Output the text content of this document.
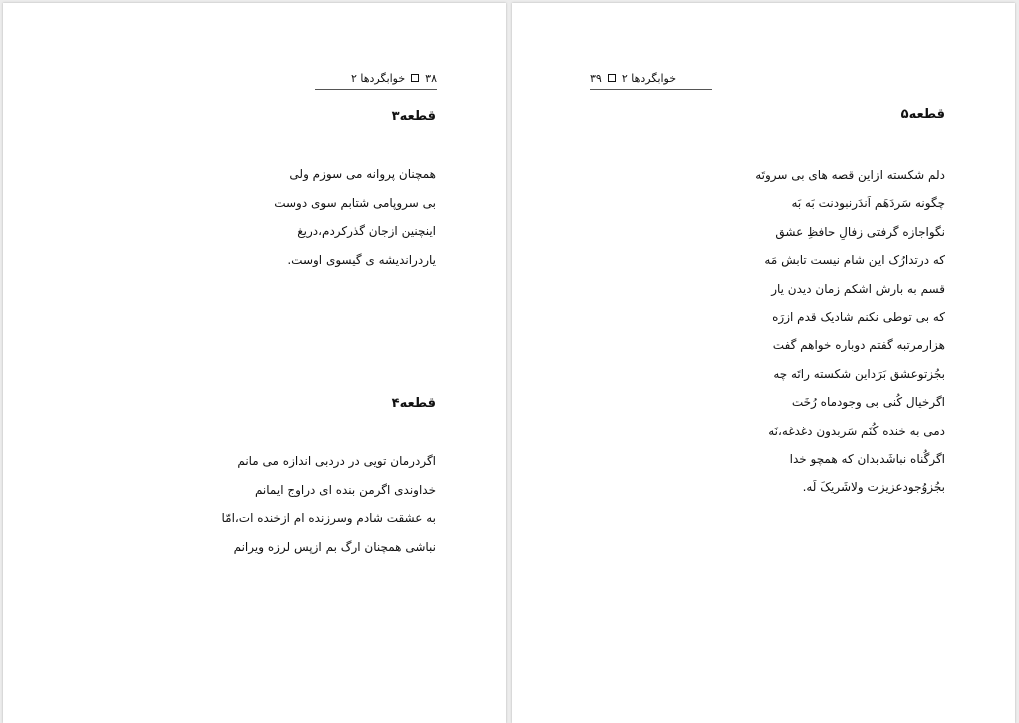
۳۸
خوابگردها ۲
قطعه۳
همچنان پروانه می سوزم ولی
بی سروپامی شتابم سوی دوست
اینچنین ازجان گذرکردم،دریغ
یاردراندیشه ی گیسوی اوست.
قطعه۴
اگردرمان تویی در دردبی اندازه می مانم
خداوندی اگرمن بنده ای دراوج ایمانم
به عشقت شادم وسرزنده ام ازخنده ات،امّا
نباشی همچنان ارگ بم ازپس لرزه ویرانم
خوابگردها ۲
۳۹
قطعه۵
دلم شکسته ازاین قصه های بی سروتَه
چگونه سَردَهَم اَندَرنبودنت بَه بَه
نگواجازه گرفتی زفالِ حافظِ عشق
که درتدارُک این شام نیست تابش مَه
قسم به بارش اشکم زمان دیدن یار
که بی توطی نکنم شادیک قدم ازرَه
هزارمرتبه گفتم دوباره خواهم گفت
بجُزتوعشق بَرَداین شکسته راتَه چه
اگرخیال کُنی بی وجودماه رُخَت
دمی به خنده کُنَم سَربدون دغدغه،نَه
اگرگُناه نباشَدبدان که همچو خدا
بجُزوُجودعزیزت ولاشَریکَ لَه.
